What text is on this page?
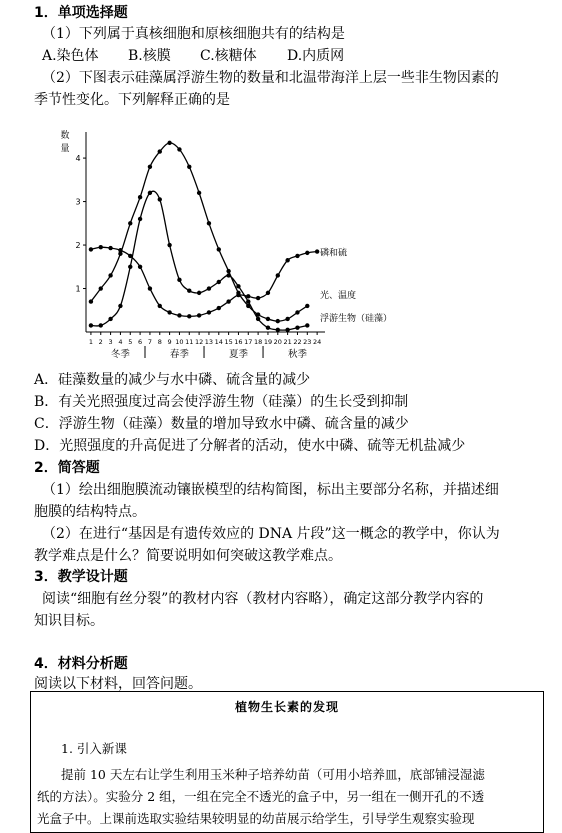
1．单项选择题
（1）下列属于真核细胞和原核细胞共有的结构是
A.染色体 B.核膜 C.核糖体 D.内质网
（2）下图表示硅藻属浮游生物的数量和北温带海洋上层一些非生物因素的
季节性变化。下列解释正确的是
数
量
1
2
3
4
1 2 3 4 5 6 7 8 9 10 11 12 13 14 15 16 17 18 19 20 21 22 23 24
冬季	春季	夏季	秋季
磷和硫
光、温度
浮游生物（硅藻）
A．硅藻数量的减少与水中磷、硫含量的减少
B．有关光照强度过高会使浮游生物（硅藻）的生长受到抑制
C．浮游生物（硅藻）数量的增加导致水中磷、硫含量的减少
D．光照强度的升高促进了分解者的活动，使水中磷、硫等无机盐减少
2．简答题
（1）绘出细胞膜流动镶嵌模型的结构简图，标出主要部分名称，并描述细
胞膜的结构特点。
（2）在进行“基因是有遗传效应的 DNA 片段”这一概念的教学中，你认为
教学难点是什么？简要说明如何突破这教学难点。
3．教学设计题
阅读“细胞有丝分裂”的教材内容（教材内容略），确定这部分教学内容的
知识目标。
4．材料分析题
阅读以下材料，回答问题。
植物生长素的发现
1. 引入新课
提前 10 天左右让学生利用玉米种子培养幼苗（可用小培养皿，底部铺浸湿滤
纸的方法）。实验分 2 组，一组在完全不透光的盒子中，另一组在一侧开孔的不透
光盒子中。上课前选取实验结果较明显的幼苗展示给学生，引导学生观察实验现
